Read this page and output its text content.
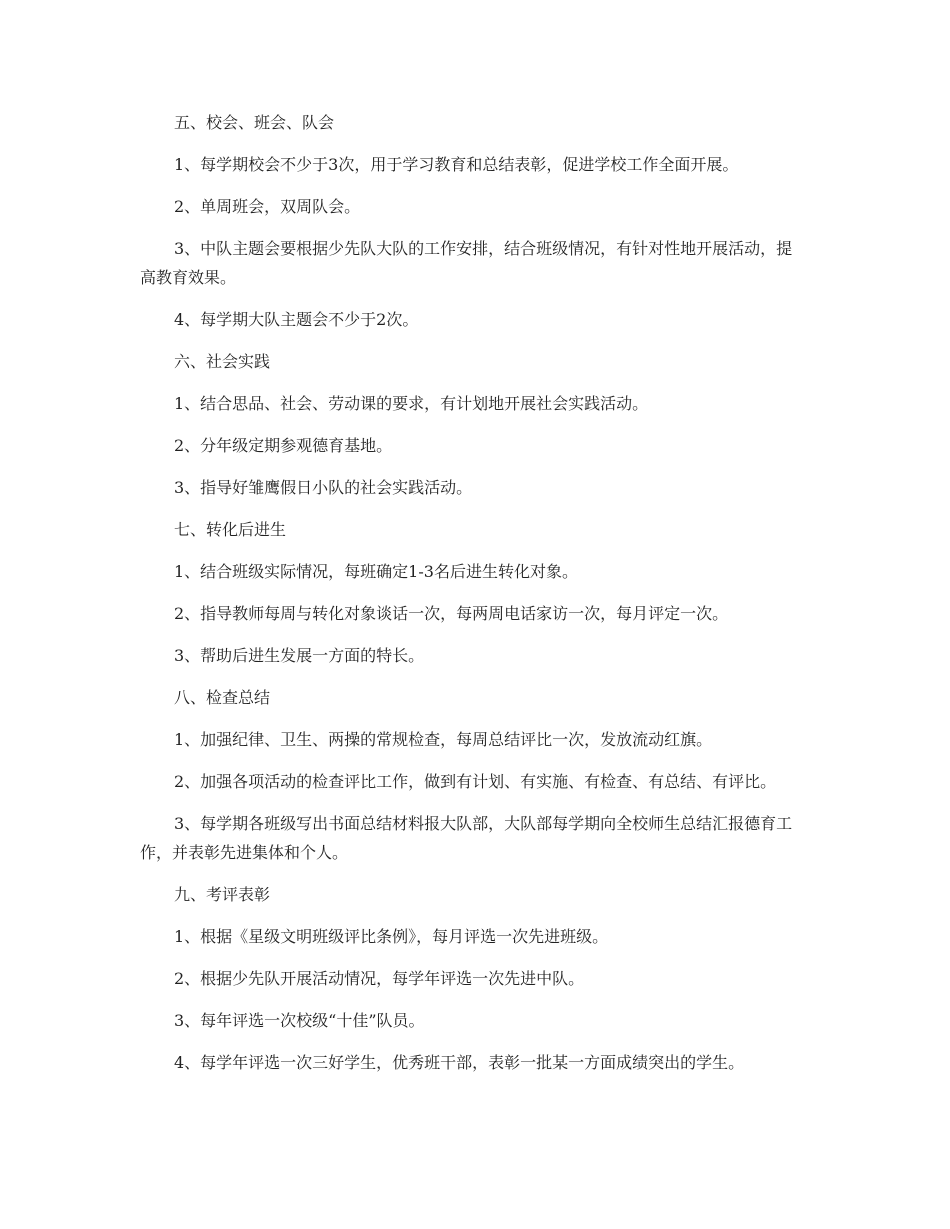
五、校会、班会、队会

1、每学期校会不少于3次，用于学习教育和总结表彰，促进学校工作全面开展。

2、单周班会，双周队会。

3、中队主题会要根据少先队大队的工作安排，结合班级情况，有针对性地开展活动，提高教育效果。

4、每学期大队主题会不少于2次。

六、社会实践

1、结合思品、社会、劳动课的要求，有计划地开展社会实践活动。

2、分年级定期参观德育基地。

3、指导好雏鹰假日小队的社会实践活动。

七、转化后进生

1、结合班级实际情况，每班确定1-3名后进生转化对象。

2、指导教师每周与转化对象谈话一次，每两周电话家访一次，每月评定一次。

3、帮助后进生发展一方面的特长。

八、检查总结

1、加强纪律、卫生、两操的常规检查，每周总结评比一次，发放流动红旗。

2、加强各项活动的检查评比工作，做到有计划、有实施、有检查、有总结、有评比。

3、每学期各班级写出书面总结材料报大队部，大队部每学期向全校师生总结汇报德育工作，并表彰先进集体和个人。

九、考评表彰

1、根据《星级文明班级评比条例》，每月评选一次先进班级。

2、根据少先队开展活动情况，每学年评选一次先进中队。

3、每年评选一次校级“十佳”队员。

4、每学年评选一次三好学生，优秀班干部，表彰一批某一方面成绩突出的学生。
